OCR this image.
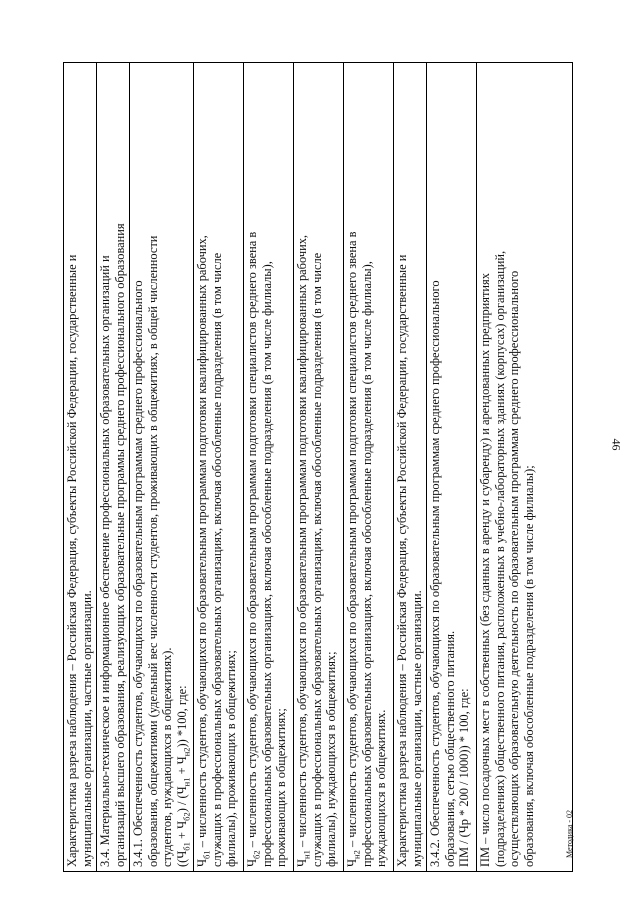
46
Характеристика разреза наблюдения – Российская Федерация, субъекты Российской Федерации, государственные и муниципальные организации, частные организации.

3.4. Материально-техническое и информационное обеспечение профессиональных образовательных организаций и организаций высшего образования, реализующих образовательные программы среднего профессионального образования

3.4.1. Обеспеченность студентов, обучающихся по образовательным программам среднего профессионального образования, общежитиями (удельный вес численности студентов, проживающих в общежитиях, в общей численности студентов, нуждающихся в общежитиях). $((Ч_{б1} + Ч_{б2}) / (Ч_{н1} + Ч_{н2}))$ *100, где:

$Ч_{б1}$ – численность студентов, обучающихся по образовательным программам подготовки квалифицированных рабочих, служащих в профессиональных образовательных организациях, включая обособленные подразделения (в том числе филиалы), проживающих в общежитиях;

$Ч_{б2}$ – численность студентов, обучающихся по образовательным программам подготовки специалистов среднего звена в профессиональных образовательных организациях, включая обособленные подразделения (в том числе филиалы), проживающих в общежитиях;

$Ч_{н1}$ – численность студентов, обучающихся по образовательным программам подготовки квалифицированных рабочих, служащих в профессиональных образовательных организациях, включая обособленные подразделения (в том числе филиалы), нуждающихся в общежитиях;

$Ч_{н2}$ – численность студентов, обучающихся по образовательным программам подготовки специалистов среднего звена в профессиональных образовательных организациях, включая обособленные подразделения (в том числе филиалы), нуждающихся в общежитиях.

Характеристика разреза наблюдения – Российская Федерация, субъекты Российской Федерации, государственные и муниципальные организации, частные организации.

3.4.2. Обеспеченность студентов, обучающихся по образовательным программам среднего профессионального образования, сетью общественного питания. ПМ / (Чр * 200 / 1000)) * 100, где:

ПМ – число посадочных мест в собственных (без сданных в аренду и субаренду) и арендованных предприятиях (подразделениях) общественного питания, расположенных в учебно-лабораторных зданиях (корпусах) организаций, осуществляющих образовательную деятельность по образовательным программам среднего профессионального образования, включая обособленные подразделения (в том числе филиалы);	Методика - 02
